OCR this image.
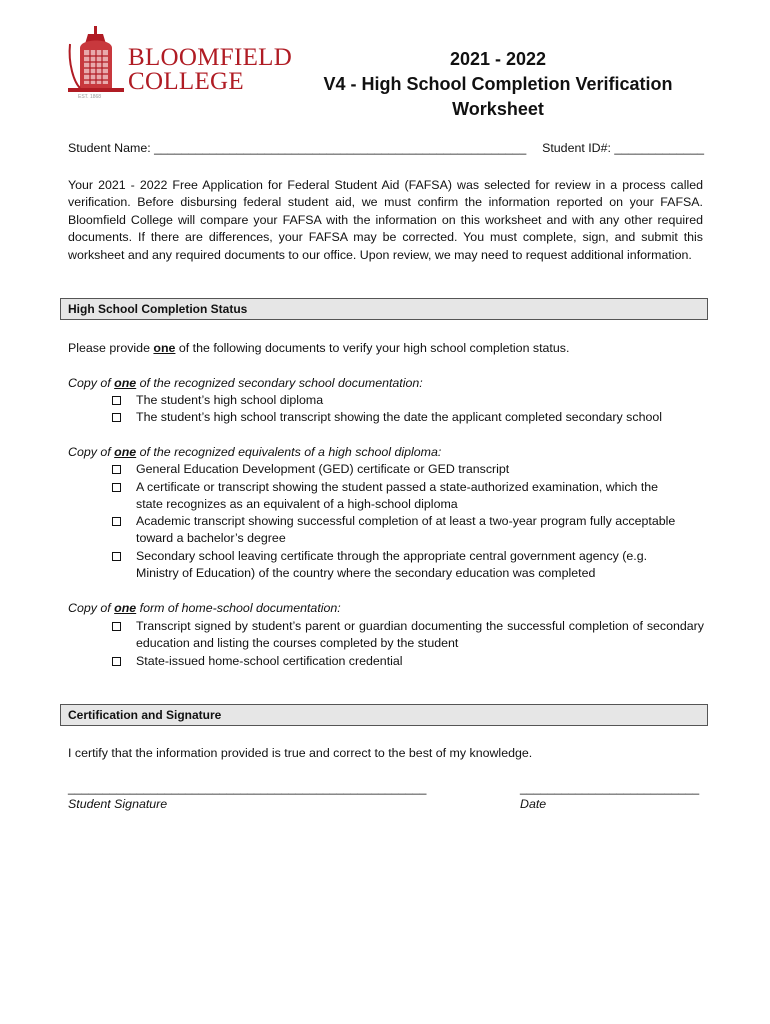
BLOOMFIELD
COLLEGE
EST. 1868
2021 - 2022
V4 - High School Completion Verification
Worksheet
Student Name: ______________________________________________________ Student ID#: _____________
Your 2021 - 2022 Free Application for Federal Student Aid (FAFSA) was selected for review in a process called verification. Before disbursing federal student aid, we must confirm the information reported on your FAFSA. Bloomfield College will compare your FAFSA with the information on this worksheet and with any other required documents. If there are differences, your FAFSA may be corrected. You must complete, sign, and submit this worksheet and any required documents to our office. Upon review, we may need to request additional information.
High School Completion Status
Please provide one of the following documents to verify your high school completion status.
Copy of one of the recognized secondary school documentation:
The student’s high school diploma
The student’s high school transcript showing the date the applicant completed secondary school
Copy of one of the recognized equivalents of a high school diploma:
General Education Development (GED) certificate or GED transcript
A certificate or transcript showing the student passed a state-authorized examination, which the state recognizes as an equivalent of a high-school diploma
Academic transcript showing successful completion of at least a two-year program fully acceptable toward a bachelor’s degree
Secondary school leaving certificate through the appropriate central government agency (e.g. Ministry of Education) of the country where the secondary education was completed
Copy of one form of home-school documentation:
Transcript signed by student’s parent or guardian documenting the successful completion of secondary education and listing the courses completed by the student
State-issued home-school certification credential
Certification and Signature
I certify that the information provided is true and correct to the best of my knowledge.
____________________________________________________
Student Signature
__________________________
Date
